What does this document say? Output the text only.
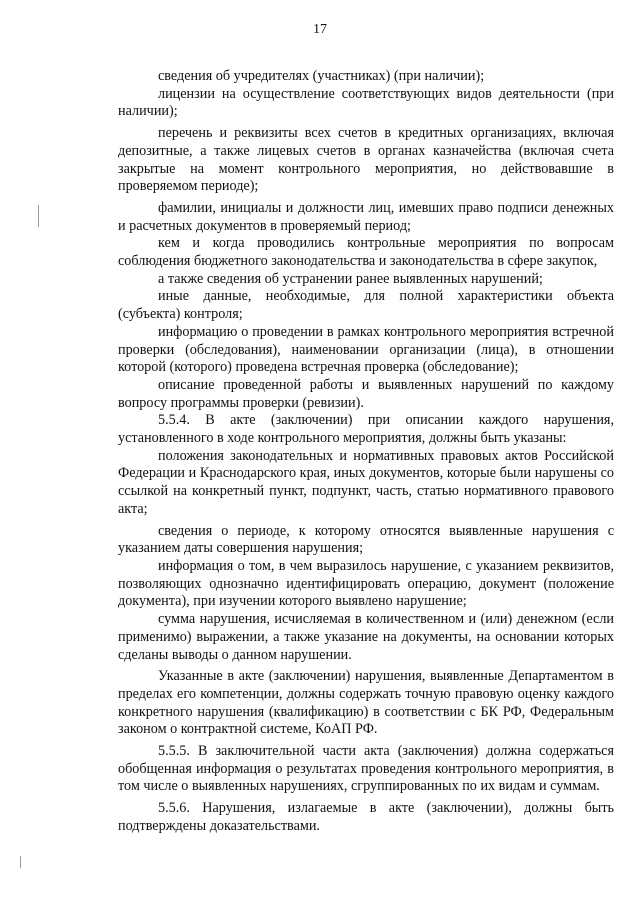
17

сведения об учредителях (участниках) (при наличии);

лицензии на осуществление соответствующих видов деятельности (при наличии);

перечень и реквизиты всех счетов в кредитных организациях, включая депозитные, а также лицевых счетов в органах казначейства (включая счета закрытые на момент контрольного мероприятия, но действовавшие в проверяемом периоде);

фамилии, инициалы и должности лиц, имевших право подписи денежных и расчетных документов в проверяемый период;

кем и когда проводились контрольные мероприятия по вопросам соблюдения бюджетного законодательства и законодательства в сфере закупок,

а также сведения об устранении ранее выявленных нарушений;

иные данные, необходимые, для полной характеристики объекта (субъекта) контроля;

информацию о проведении в рамках контрольного мероприятия встречной проверки (обследования), наименовании организации (лица), в отношении которой (которого) проведена встречная проверка (обследование);

описание проведенной работы и выявленных нарушений по каждому вопросу программы проверки (ревизии).

5.5.4. В акте (заключении) при описании каждого нарушения, установленного в ходе контрольного мероприятия, должны быть указаны:

положения законодательных и нормативных правовых актов Российской Федерации и Краснодарского края, иных документов, которые были нарушены со ссылкой на конкретный пункт, подпункт, часть, статью нормативного правового акта;

сведения о периоде, к которому относятся выявленные нарушения с указанием даты совершения нарушения;

информация о том, в чем выразилось нарушение, с указанием реквизитов, позволяющих однозначно идентифицировать операцию, документ (положение документа), при изучении которого выявлено нарушение;

сумма нарушения, исчисляемая в количественном и (или) денежном (если применимо) выражении, а также указание на документы, на основании которых сделаны выводы о данном нарушении.

Указанные в акте (заключении) нарушения, выявленные Департаментом в пределах его компетенции, должны содержать точную правовую оценку каждого конкретного нарушения (квалификацию) в соответствии с БК РФ, Федеральным законом о контрактной системе, КоАП РФ.

5.5.5. В заключительной части акта (заключения) должна содержаться обобщенная информация о результатах проведения контрольного мероприятия, в том числе о выявленных нарушениях, сгруппированных по их видам и суммам.

5.5.6. Нарушения, излагаемые в акте (заключении), должны быть подтверждены доказательствами.
